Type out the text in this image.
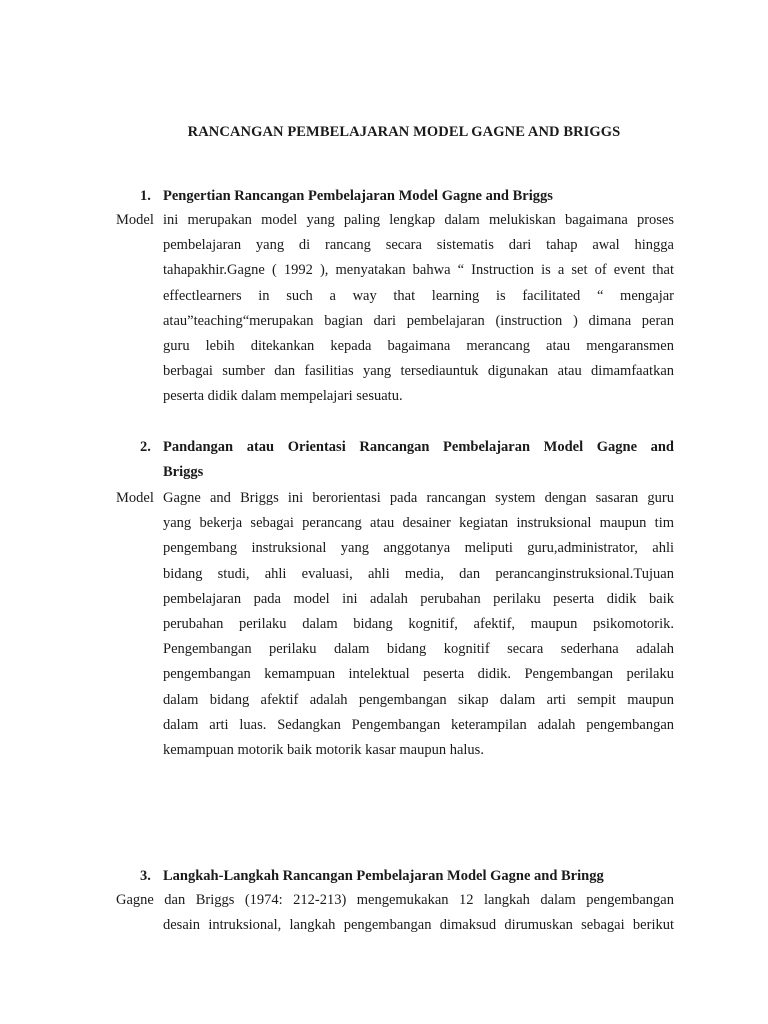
RANCANGAN PEMBELAJARAN MODEL GAGNE AND BRIGGS
1. Pengertian Rancangan Pembelajaran Model Gagne and Briggs
Model ini merupakan model yang paling lengkap dalam melukiskan bagaimana proses
pembelajaran yang di rancang secara sistematis dari tahap awal hingga
tahapakhir.Gagne ( 1992 ), menyatakan bahwa “ Instruction is a set of event that
effectlearners in such a way that learning is facilitated “ mengajar
atau”teaching“merupakan bagian dari pembelajaran (instruction ) dimana peran
guru lebih ditekankan kepada bagaimana merancang atau mengaransmen
berbagai sumber dan fasilitias yang tersediauntuk digunakan atau dimamfaatkan
peserta didik dalam mempelajari sesuatu.
2. Pandangan atau Orientasi Rancangan Pembelajaran Model Gagne and
Briggs
Model Gagne and Briggs ini berorientasi pada rancangan system dengan sasaran guru
yang bekerja sebagai perancang atau desainer kegiatan instruksional maupun tim
pengembang instruksional yang anggotanya meliputi guru,administrator, ahli
bidang studi, ahli evaluasi, ahli media, dan perancanginstruksional.Tujuan
pembelajaran pada model ini adalah perubahan perilaku peserta didik baik
perubahan perilaku dalam bidang kognitif, afektif, maupun psikomotorik.
Pengembangan perilaku dalam bidang kognitif secara sederhana adalah
pengembangan kemampuan intelektual peserta didik. Pengembangan perilaku
dalam bidang afektif adalah pengembangan sikap dalam arti sempit maupun
dalam arti luas. Sedangkan Pengembangan keterampilan adalah pengembangan
kemampuan motorik baik motorik kasar maupun halus.
3. Langkah-Langkah Rancangan Pembelajaran Model Gagne and Bringg
Gagne dan Briggs (1974: 212-213) mengemukakan 12 langkah dalam pengembangan
desain intruksional, langkah pengembangan dimaksud dirumuskan sebagai berikut
